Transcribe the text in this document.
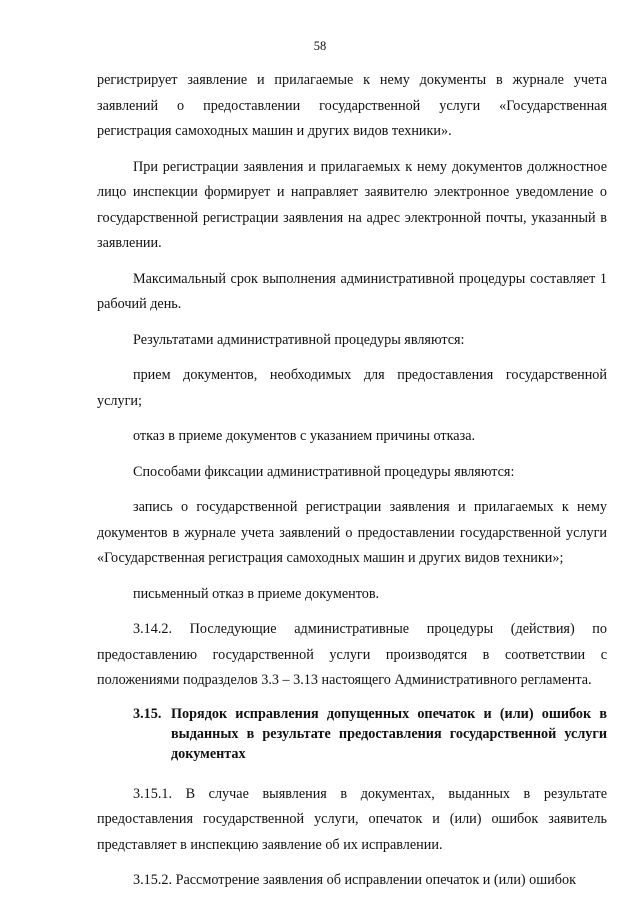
58

регистрирует заявление и прилагаемые к нему документы в журнале учета заявлений о предоставлении государственной услуги «Государственная регистрация самоходных машин и других видов техники».

При регистрации заявления и прилагаемых к нему документов должностное лицо инспекции формирует и направляет заявителю электронное уведомление о государственной регистрации заявления на адрес электронной почты, указанный в заявлении.

Максимальный срок выполнения административной процедуры составляет 1 рабочий день.

Результатами административной процедуры являются:

прием документов, необходимых для предоставления государственной услуги;

отказ в приеме документов с указанием причины отказа.

Способами фиксации административной процедуры являются:

запись о государственной регистрации заявления и прилагаемых к нему документов в журнале учета заявлений о предоставлении государственной услуги «Государственная регистрация самоходных машин и других видов техники»;

письменный отказ в приеме документов.

3.14.2. Последующие административные процедуры (действия) по предоставлению государственной услуги производятся в соответствии с положениями подразделов 3.3 – 3.13 настоящего Административного регламента.

3.15. Порядок исправления допущенных опечаток и (или) ошибок в выданных в результате предоставления государственной услуги документах

3.15.1. В случае выявления в документах, выданных в результате предоставления государственной услуги, опечаток и (или) ошибок заявитель представляет в инспекцию заявление об их исправлении.

3.15.2. Рассмотрение заявления об исправлении опечаток и (или) ошибок
